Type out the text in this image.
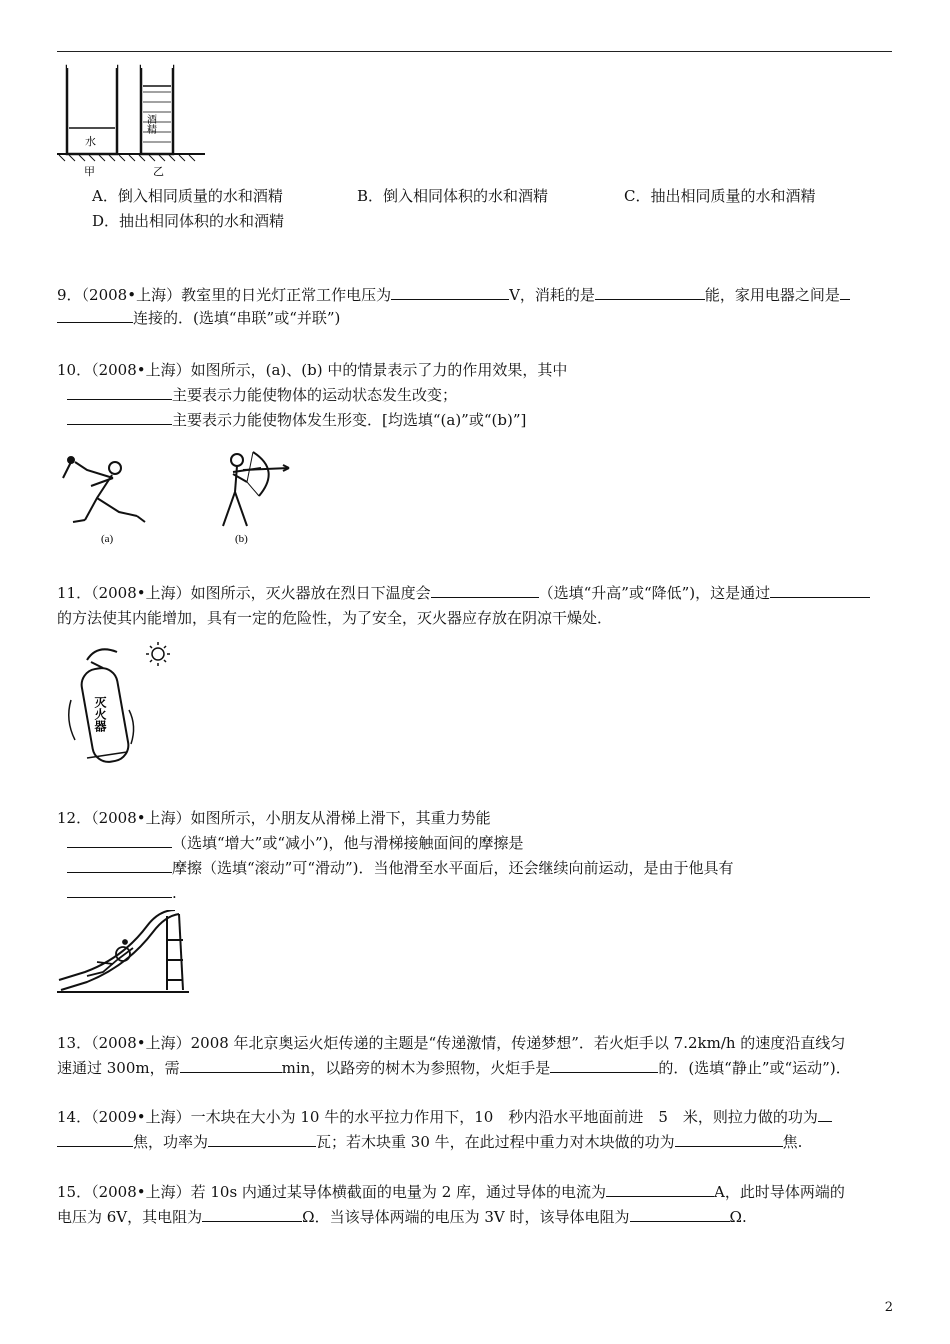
水
酒精
甲	乙
A．倒入相同质量的水和酒精	B．倒入相同体积的水和酒精	C．抽出相同质量的水和酒精
D．抽出相同体积的水和酒精
9．（2008•上海）教室里的日光灯正常工作电压为	V，消耗的是	能，家用电器之间是
连接的．(选填“串联”或“并联”)
10．（2008•上海）如图所示，(a)、(b) 中的情景表示了力的作用效果，其中
主要表示力能使物体的运动状态发生改变；
主要表示力能使物体发生形变．[均选填“(a)”或“(b)”]
(a)	(b)
11．（2008•上海）如图所示，灭火器放在烈日下温度会	（选填“升高”或“降低”)，这是通过
的方法使其内能增加，具有一定的危险性，为了安全，灭火器应存放在阴凉干燥处．
灭火器
12．（2008•上海）如图所示，小朋友从滑梯上滑下，其重力势能
（选填“增大”或“减小”)，他与滑梯接触面间的摩擦是
摩擦（选填“滚动”可“滑动”)．当他滑至水平面后，还会继续向前运动，是由于他具有
.
13．（2008•上海）2008 年北京奥运火炬传递的主题是“传递激情，传递梦想”．若火炬手以 7.2km/h 的速度沿直线匀
速通过 300m，需	min，以路旁的树木为参照物，火炬手是	的．(选填“静止”或“运动”)．
14．（2009•上海）一木块在大小为 10 牛的水平拉力作用下，10　秒内沿水平地面前进　5　米，则拉力做的功为
焦，功率为	瓦；若木块重 30 牛，在此过程中重力对木块做的功为	焦.
15．（2008•上海）若 10s 内通过某导体横截面的电量为 2 库，通过导体的电流为	A，此时导体两端的
电压为 6V，其电阻为	Ω．当该导体两端的电压为 3V 时，该导体电阻为	Ω.
2
